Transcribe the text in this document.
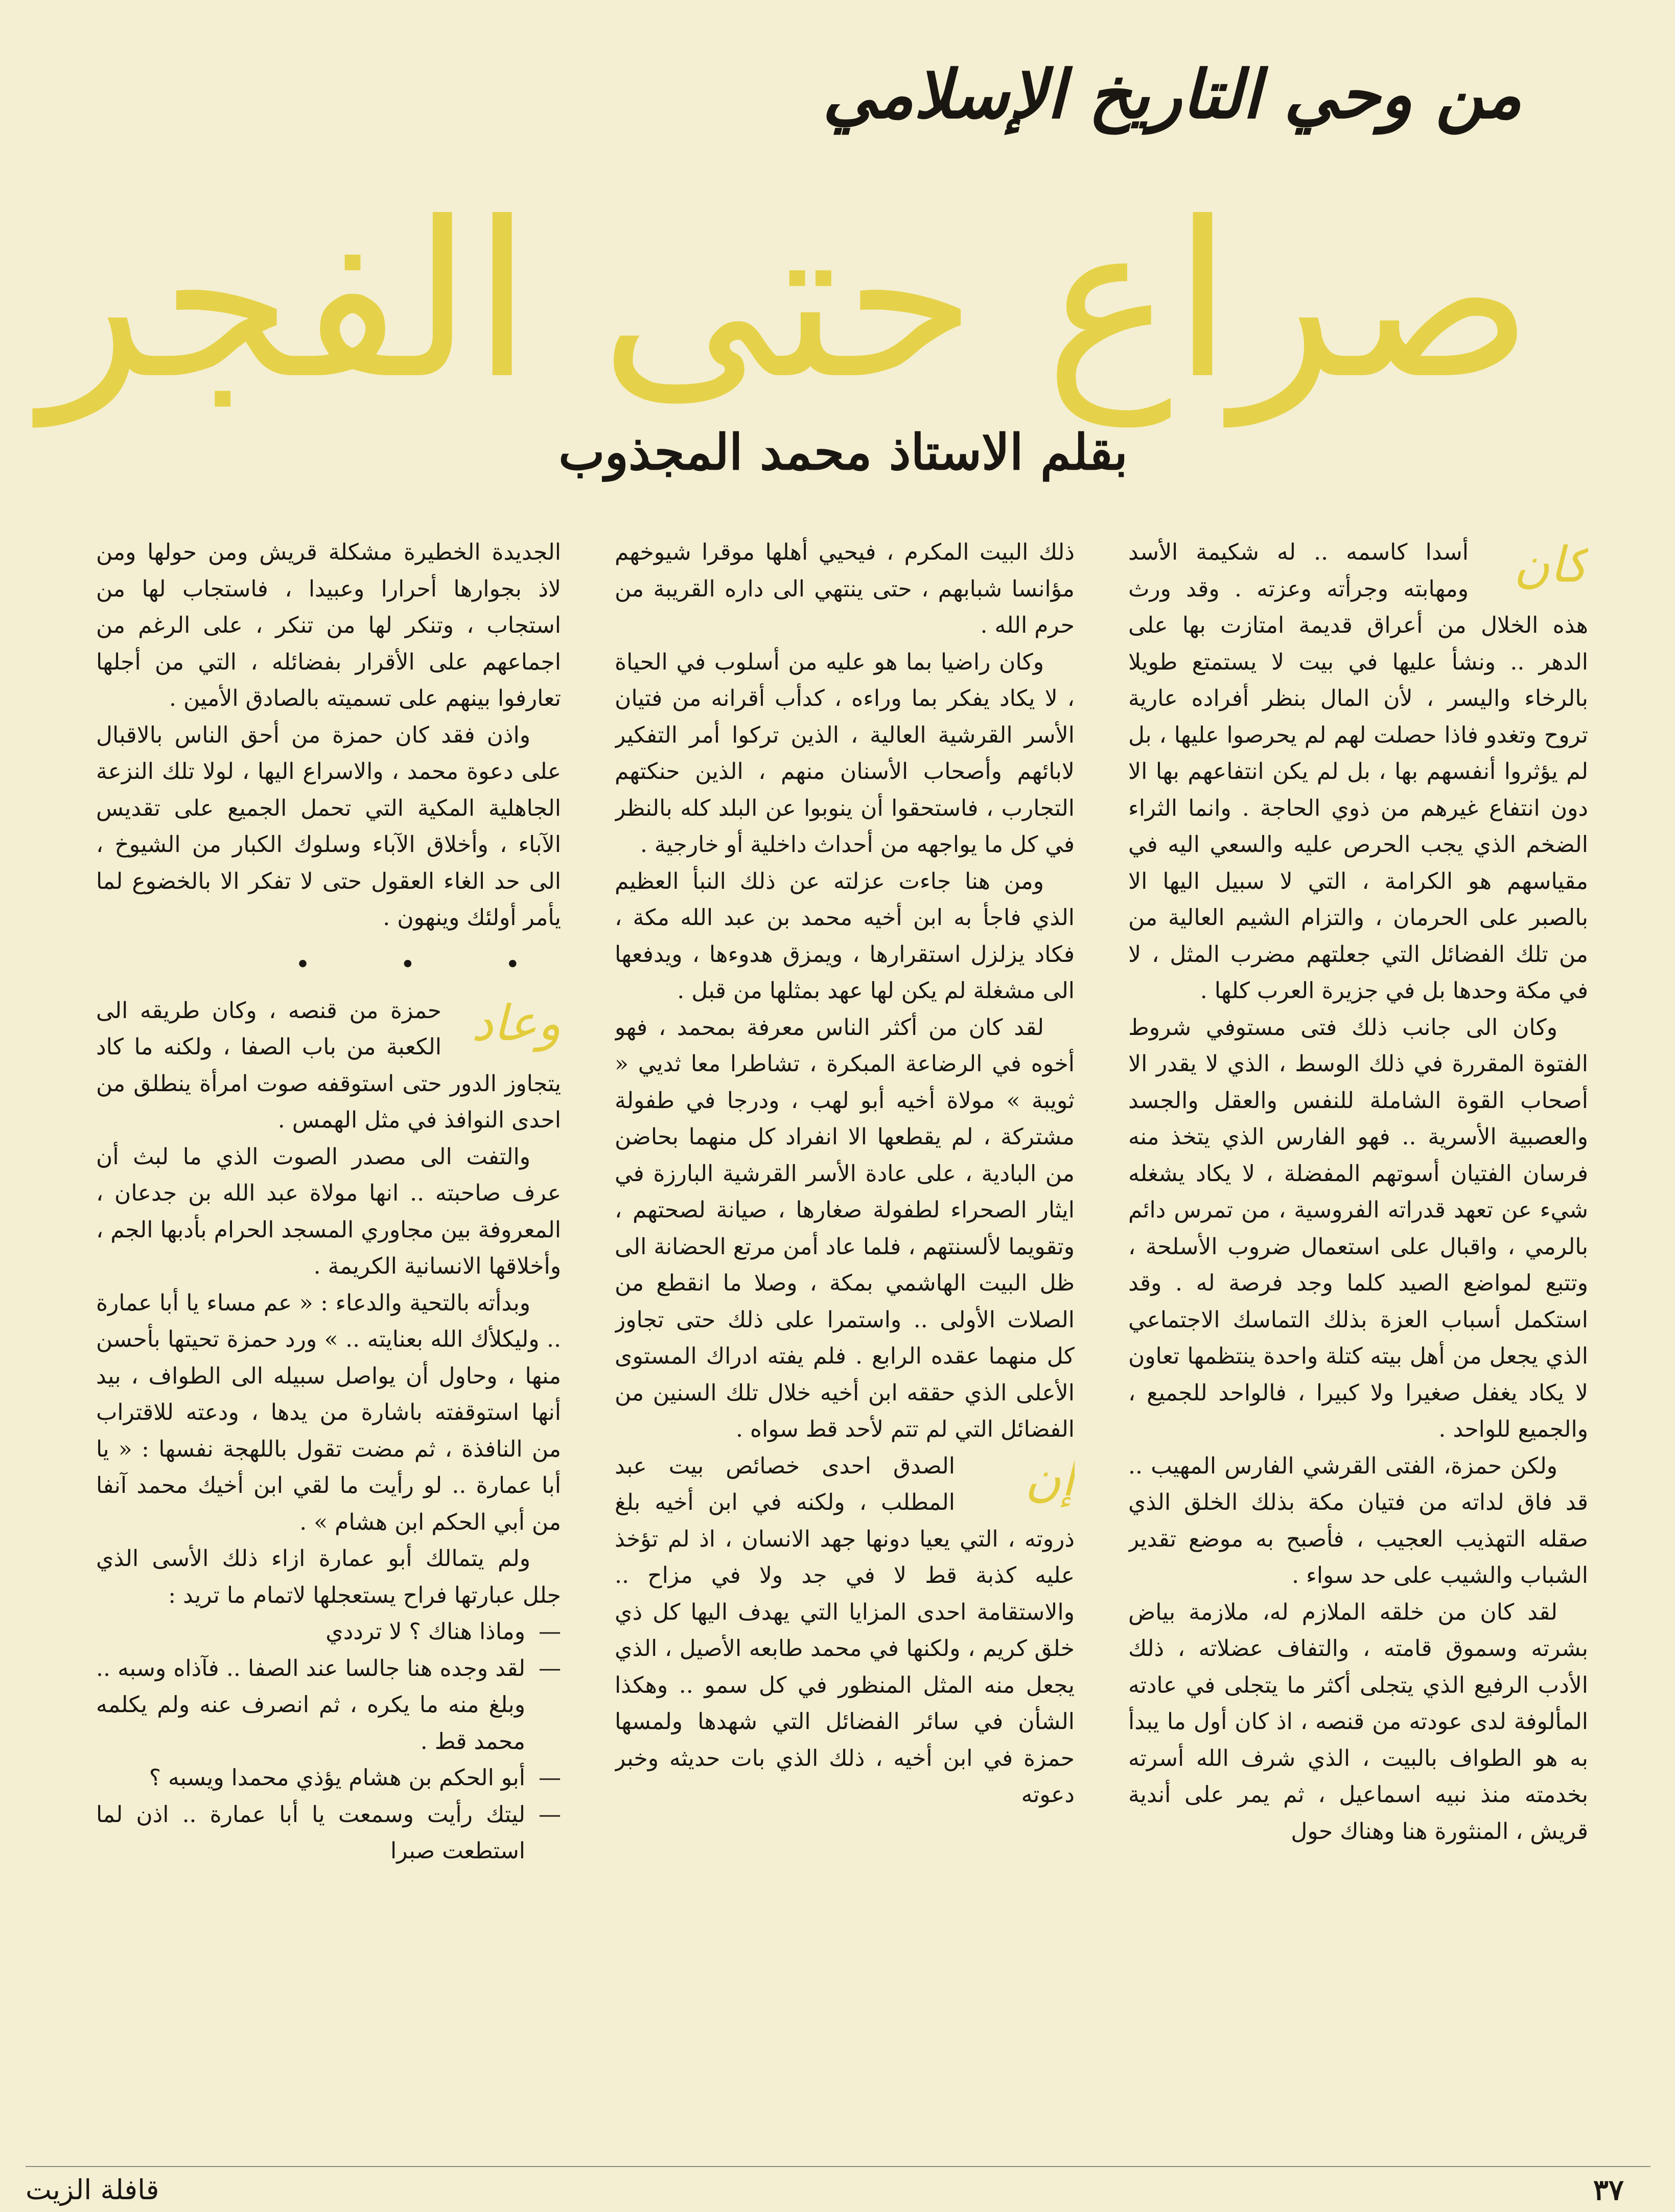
من وحي التاريخ الإسلامي
صراع حتى الفجر
بقلم الاستاذ محمد المجذوب
كان

أسدا كاسمه .. له شكيمة الأسد ومهابته وجرأته وعزته . وقد ورث هذه الخلال من أعراق قديمة امتازت بها على الدهر .. ونشأ عليها في بيت لا يستمتع طويلا بالرخاء واليسر ، لأن المال بنظر أفراده عارية تروح وتغدو فاذا حصلت لهم لم يحرصوا عليها ، بل لم يؤثروا أنفسهم بها ، بل لم يكن انتفاعهم بها الا دون انتفاع غيرهم من ذوي الحاجة . وانما الثراء الضخم الذي يجب الحرص عليه والسعي اليه في مقياسهم هو الكرامة ، التي لا سبيل اليها الا بالصبر على الحرمان ، والتزام الشيم العالية من من تلك الفضائل التي جعلتهم مضرب المثل ، لا في مكة وحدها بل في جزيرة العرب كلها .

وكان الى جانب ذلك فتى مستوفي شروط الفتوة المقررة في ذلك الوسط ، الذي لا يقدر الا أصحاب القوة الشاملة للنفس والعقل والجسد والعصبية الأسرية .. فهو الفارس الذي يتخذ منه فرسان الفتيان أسوتهم المفضلة ، لا يكاد يشغله شيء عن تعهد قدراته الفروسية ، من تمرس دائم بالرمي ، واقبال على استعمال ضروب الأسلحة ، وتتبع لمواضع الصيد كلما وجد فرصة له . وقد استكمل أسباب العزة بذلك التماسك الاجتماعي الذي يجعل من أهل بيته كتلة واحدة ينتظمها تعاون لا يكاد يغفل صغيرا ولا كبيرا ، فالواحد للجميع ، والجميع للواحد .

ولكن حمزة، الفتى القرشي الفارس المهيب .. قد فاق لداته من فتيان مكة بذلك الخلق الذي صقله التهذيب العجيب ، فأصبح به موضع تقدير الشباب والشيب على حد سواء .

لقد كان من خلقه الملازم له، ملازمة بياض بشرته وسموق قامته ، والتفاف عضلاته ، ذلك الأدب الرفيع الذي يتجلى أكثر ما يتجلى في عادته المألوفة لدى عودته من قنصه ، اذ كان أول ما يبدأ به هو الطواف بالبيت ، الذي شرف الله أسرته بخدمته منذ نبيه اسماعيل ، ثم يمر على أندية قريش ، المنثورة هنا وهناك حول

ذلك البيت المكرم ، فيحيي أهلها موقرا شيوخهم مؤانسا شبابهم ، حتى ينتهي الى داره القريبة من حرم الله .

وكان راضيا بما هو عليه من أسلوب في الحياة ، لا يكاد يفكر بما وراءه ، كدأب أقرانه من فتيان الأسر القرشية العالية ، الذين تركوا أمر التفكير لابائهم وأصحاب الأسنان منهم ، الذين حنكتهم التجارب ، فاستحقوا أن ينوبوا عن البلد كله بالنظر في كل ما يواجهه من أحداث داخلية أو خارجية .

ومن هنا جاءت عزلته عن ذلك النبأ العظيم الذي فاجأ به ابن أخيه محمد بن عبد الله مكة ، فكاد يزلزل استقرارها ، ويمزق هدوءها ، ويدفعها الى مشغلة لم يكن لها عهد بمثلها من قبل .

لقد كان من أكثر الناس معرفة بمحمد ، فهو أخوه في الرضاعة المبكرة ، تشاطرا معا ثديي « ثويبة » مولاة أخيه أبو لهب ، ودرجا في طفولة مشتركة ، لم يقطعها الا انفراد كل منهما بحاضن من البادية ، على عادة الأسر القرشية البارزة في ايثار الصحراء لطفولة صغارها ، صيانة لصحتهم ، وتقويما لألسنتهم ، فلما عاد أمن مرتع الحضانة الى ظل البيت الهاشمي بمكة ، وصلا ما انقطع من الصلات الأولى .. واستمرا على ذلك حتى تجاوز كل منهما عقده الرابع . فلم يفته ادراك المستوى الأعلى الذي حققه ابن أخيه خلال تلك السنين من الفضائل التي لم تتم لأحد قط سواه .

إن

الصدق احدى خصائص بيت عبد المطلب ، ولكنه في ابن أخيه بلغ ذروته ، التي يعيا دونها جهد الانسان ، اذ لم تؤخذ عليه كذبة قط لا في جد ولا في مزاح .. والاستقامة احدى المزايا التي يهدف اليها كل ذي خلق كريم ، ولكنها في محمد طابعه الأصيل ، الذي يجعل منه المثل المنظور في كل سمو .. وهكذا الشأن في سائر الفضائل التي شهدها ولمسها حمزة في ابن أخيه ، ذلك الذي بات حديثه وخبر دعوته

الجديدة الخطيرة مشكلة قريش ومن حولها ومن لاذ بجوارها أحرارا وعبيدا ، فاستجاب لها من استجاب ، وتنكر لها من تنكر ، على الرغم من اجماعهم على الأقرار بفضائله ، التي من أجلها تعارفوا بينهم على تسميته بالصادق الأمين .

واذن فقد كان حمزة من أحق الناس بالاقبال على دعوة محمد ، والاسراع اليها ، لولا تلك النزعة الجاهلية المكية التي تحمل الجميع على تقديس الآباء ، وأخلاق الآباء وسلوك الكبار من الشيوخ ، الى حد الغاء العقول حتى لا تفكر الا بالخضوع لما يأمر أولئك وينهون .

• • •
وعاد

حمزة من قنصه ، وكان طريقه الى الكعبة من باب الصفا ، ولكنه ما كاد يتجاوز الدور حتى استوقفه صوت امرأة ينطلق من احدى النوافذ في مثل الهمس .

والتفت الى مصدر الصوت الذي ما لبث أن عرف صاحبته .. انها مولاة عبد الله بن جدعان ، المعروفة بين مجاوري المسجد الحرام بأدبها الجم ، وأخلاقها الانسانية الكريمة .

وبدأته بالتحية والدعاء : « عم مساء يا أبا عمارة .. وليكلأك الله بعنايته .. » ورد حمزة تحيتها بأحسن منها ، وحاول أن يواصل سبيله الى الطواف ، بيد أنها استوقفته باشارة من يدها ، ودعته للاقتراب من النافذة ، ثم مضت تقول باللهجة نفسها : « يا أبا عمارة .. لو رأيت ما لقي ابن أخيك محمد آنفا من أبي الحكم ابن هشام » .

ولم يتمالك أبو عمارة ازاء ذلك الأسى الذي جلل عبارتها فراح يستعجلها لاتمام ما تريد :

— وماذا هناك ؟ لا ترددي

— لقد وجده هنا جالسا عند الصفا .. فآذاه وسبه .. وبلغ منه ما يكره ، ثم انصرف عنه ولم يكلمه محمد قط .

— أبو الحكم بن هشام يؤذي محمدا ويسبه ؟

— ليتك رأيت وسمعت يا أبا عمارة .. اذن لما استطعت صبرا

٣٧
قافلة الزيت
